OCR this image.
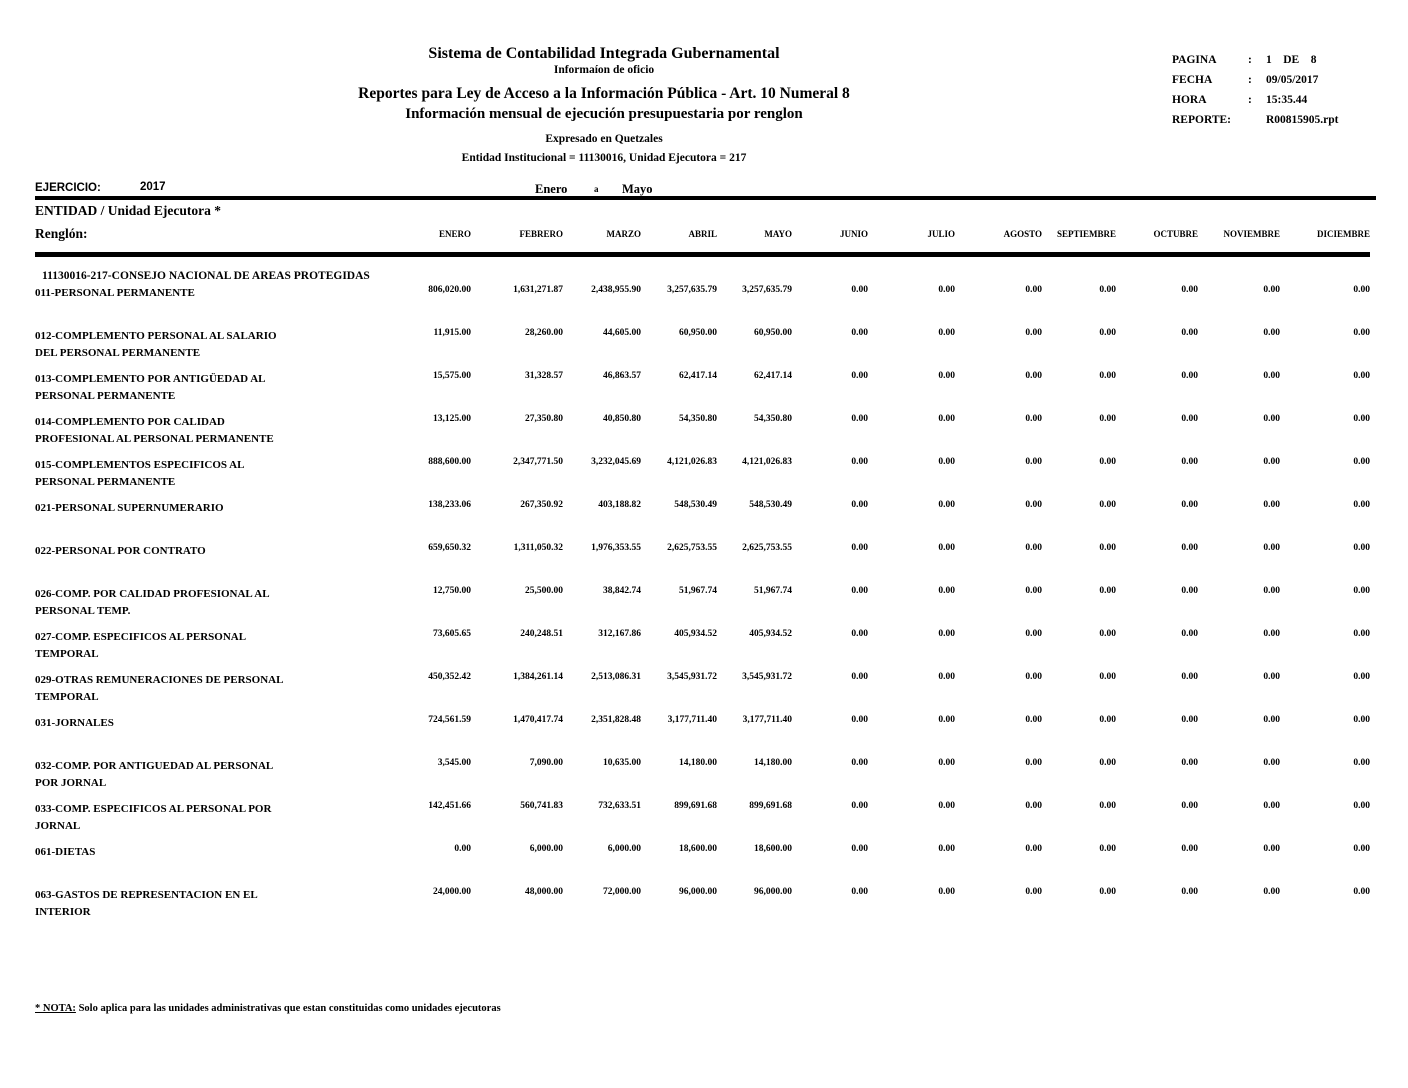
Sistema de Contabilidad Integrada Gubernamental
Informaíon de oficio
Reportes para Ley de Acceso a la Información Pública - Art. 10 Numeral 8
Información mensual de ejecución presupuestaria por renglon
Expresado en Quetzales
Entidad Institucional = 11130016, Unidad Ejecutora = 217
PAGINA	:	1    DE    8
FECHA	:	09/05/2017
HORA	:	15:35.44
REPORTE:	R00815905.rpt
EJERCICIO:	2017	Enero	a Mayo
ENTIDAD / Unidad Ejecutora *
Renglón:
		ENERO	FEBRERO	MARZO	ABRIL	MAYO	JUNIO	JULIO	AGOSTO	SEPTIEMBRE	OCTUBRE	NOVIEMBRE	DICIEMBRE
11130016-217-CONSEJO NACIONAL DE AREAS PROTEGIDAS												

011-PERSONAL PERMANENTE	806,020.00	1,631,271.87	2,438,955.90	3,257,635.79	3,257,635.79	0.00	0.00	0.00	0.00	0.00	0.00	0.00

012-COMPLEMENTO PERSONAL AL SALARIO
DEL PERSONAL PERMANENTE	11,915.00	28,260.00	44,605.00	60,950.00	60,950.00	0.00	0.00	0.00	0.00	0.00	0.00	0.00

013-COMPLEMENTO POR ANTIGÜEDAD AL
PERSONAL PERMANENTE	15,575.00	31,328.57	46,863.57	62,417.14	62,417.14	0.00	0.00	0.00	0.00	0.00	0.00	0.00

014-COMPLEMENTO POR CALIDAD
PROFESIONAL AL PERSONAL PERMANENTE	13,125.00	27,350.80	40,850.80	54,350.80	54,350.80	0.00	0.00	0.00	0.00	0.00	0.00	0.00

015-COMPLEMENTOS ESPECIFICOS AL
PERSONAL PERMANENTE	888,600.00	2,347,771.50	3,232,045.69	4,121,026.83	4,121,026.83	0.00	0.00	0.00	0.00	0.00	0.00	0.00

021-PERSONAL SUPERNUMERARIO	138,233.06	267,350.92	403,188.82	548,530.49	548,530.49	0.00	0.00	0.00	0.00	0.00	0.00	0.00

022-PERSONAL POR CONTRATO	659,650.32	1,311,050.32	1,976,353.55	2,625,753.55	2,625,753.55	0.00	0.00	0.00	0.00	0.00	0.00	0.00

026-COMP. POR CALIDAD PROFESIONAL AL
PERSONAL TEMP.	12,750.00	25,500.00	38,842.74	51,967.74	51,967.74	0.00	0.00	0.00	0.00	0.00	0.00	0.00

027-COMP. ESPECIFICOS AL PERSONAL
TEMPORAL	73,605.65	240,248.51	312,167.86	405,934.52	405,934.52	0.00	0.00	0.00	0.00	0.00	0.00	0.00

029-OTRAS REMUNERACIONES DE PERSONAL
TEMPORAL	450,352.42	1,384,261.14	2,513,086.31	3,545,931.72	3,545,931.72	0.00	0.00	0.00	0.00	0.00	0.00	0.00

031-JORNALES	724,561.59	1,470,417.74	2,351,828.48	3,177,711.40	3,177,711.40	0.00	0.00	0.00	0.00	0.00	0.00	0.00

032-COMP. POR ANTIGUEDAD AL PERSONAL
POR JORNAL	3,545.00	7,090.00	10,635.00	14,180.00	14,180.00	0.00	0.00	0.00	0.00	0.00	0.00	0.00

033-COMP. ESPECIFICOS AL PERSONAL POR
JORNAL	142,451.66	560,741.83	732,633.51	899,691.68	899,691.68	0.00	0.00	0.00	0.00	0.00	0.00	0.00

061-DIETAS	0.00	6,000.00	6,000.00	18,600.00	18,600.00	0.00	0.00	0.00	0.00	0.00	0.00	0.00

063-GASTOS DE REPRESENTACION EN EL
INTERIOR	24,000.00	48,000.00	72,000.00	96,000.00	96,000.00	0.00	0.00	0.00	0.00	0.00	0.00	0.00
* NOTA: Solo aplica para las unidades administrativas que estan constituidas como unidades ejecutoras
